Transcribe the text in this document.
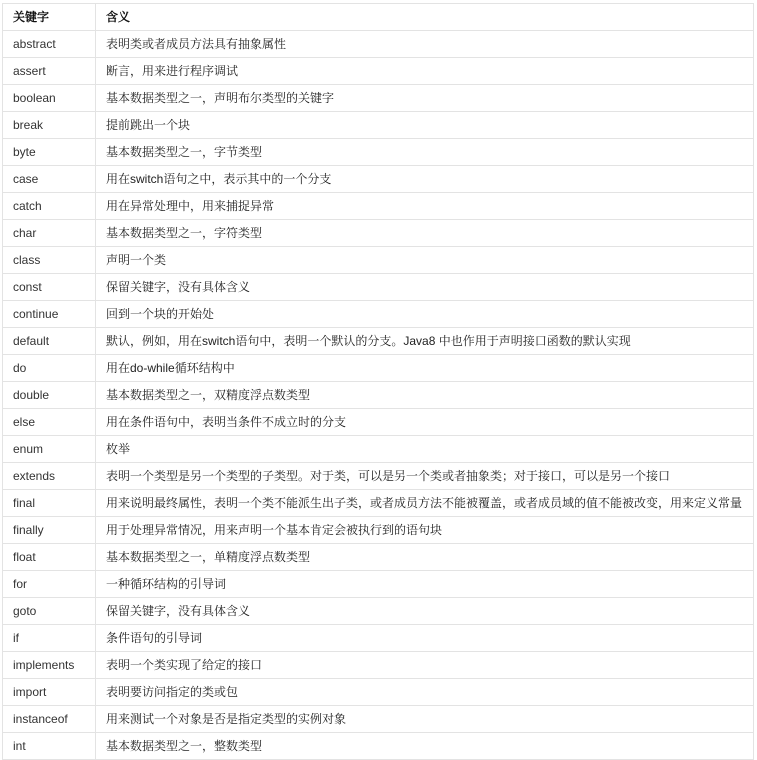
关键字	含义
abstract	表明类或者成员方法具有抽象属性
assert	断言，用来进行程序调试
boolean	基本数据类型之一，声明布尔类型的关键字
break	提前跳出一个块
byte	基本数据类型之一，字节类型
case	用在switch语句之中，表示其中的一个分支
catch	用在异常处理中，用来捕捉异常
char	基本数据类型之一，字符类型
class	声明一个类
const	保留关键字，没有具体含义
continue	回到一个块的开始处
default	默认，例如，用在switch语句中，表明一个默认的分支。Java8 中也作用于声明接口函数的默认实现
do	用在do-while循环结构中
double	基本数据类型之一，双精度浮点数类型
else	用在条件语句中，表明当条件不成立时的分支
enum	枚举
extends	表明一个类型是另一个类型的子类型。对于类，可以是另一个类或者抽象类；对于接口，可以是另一个接口
final	用来说明最终属性，表明一个类不能派生出子类，或者成员方法不能被覆盖，或者成员域的值不能被改变，用来定义常量
finally	用于处理异常情况，用来声明一个基本肯定会被执行到的语句块
float	基本数据类型之一，单精度浮点数类型
for	一种循环结构的引导词
goto	保留关键字，没有具体含义
if	条件语句的引导词
implements	表明一个类实现了给定的接口
import	表明要访问指定的类或包
instanceof	用来测试一个对象是否是指定类型的实例对象
int	基本数据类型之一，整数类型
